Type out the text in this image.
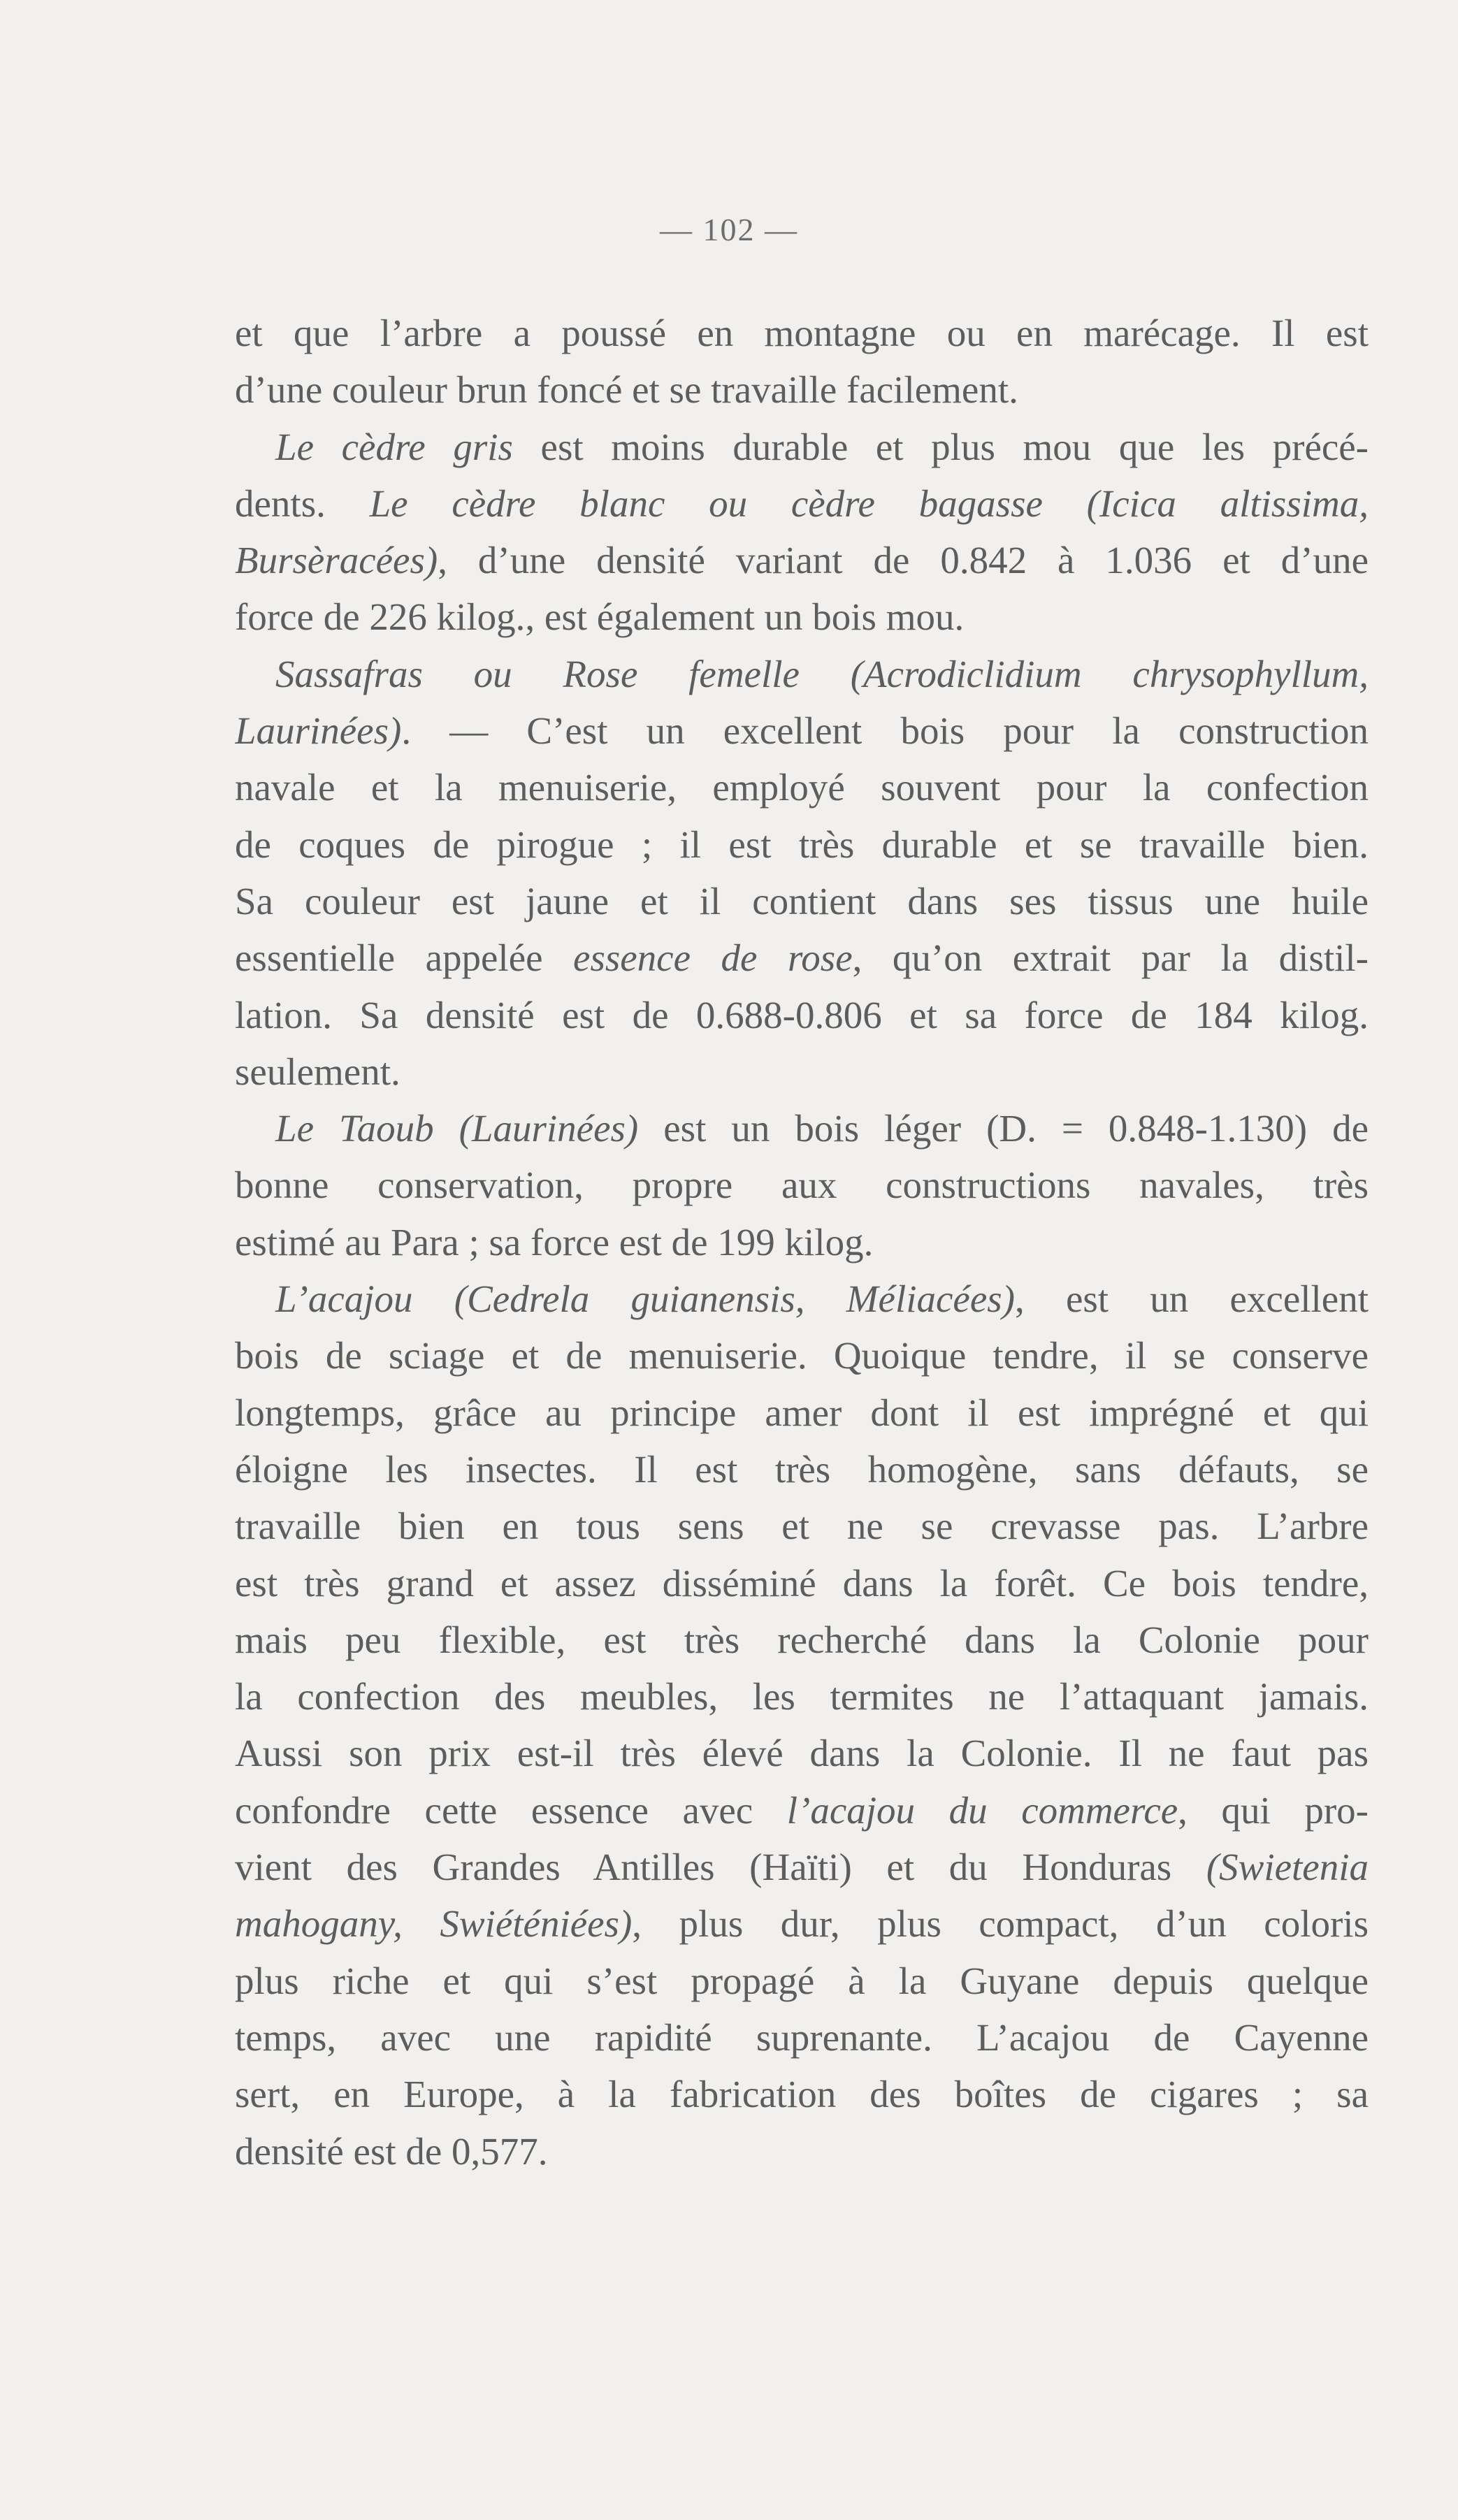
— 102 —
et que l’arbre a poussé en montagne ou en marécage. Il est
d’une couleur brun foncé et se travaille facilement.
Le cèdre gris est moins durable et plus mou que les précé-
dents. Le cèdre blanc ou cèdre bagasse (Icica altissima,
Bursèracées), d’une densité variant de 0.842 à 1.036 et d’une
force de 226 kilog., est également un bois mou.
Sassafras ou Rose femelle (Acrodiclidium chrysophyllum,
Laurinées). — C’est un excellent bois pour la construction
navale et la menuiserie, employé souvent pour la confection
de coques de pirogue ; il est très durable et se travaille bien.
Sa couleur est jaune et il contient dans ses tissus une huile
essentielle appelée essence de rose, qu’on extrait par la distil-
lation. Sa densité est de 0.688-0.806 et sa force de 184 kilog.
seulement.
Le Taoub (Laurinées) est un bois léger (D. = 0.848-1.130) de
bonne conservation, propre aux constructions navales, très
estimé au Para ; sa force est de 199 kilog.
L’acajou (Cedrela guianensis, Méliacées), est un excellent
bois de sciage et de menuiserie. Quoique tendre, il se conserve
longtemps, grâce au principe amer dont il est imprégné et qui
éloigne les insectes. Il est très homogène, sans défauts, se
travaille bien en tous sens et ne se crevasse pas. L’arbre
est très grand et assez disséminé dans la forêt. Ce bois tendre,
mais peu flexible, est très recherché dans la Colonie pour
la confection des meubles, les termites ne l’attaquant jamais.
Aussi son prix est-il très élevé dans la Colonie. Il ne faut pas
confondre cette essence avec l’acajou du commerce, qui pro-
vient des Grandes Antilles (Haïti) et du Honduras (Swietenia
mahogany, Swiéténiées), plus dur, plus compact, d’un coloris
plus riche et qui s’est propagé à la Guyane depuis quelque
temps, avec une rapidité suprenante. L’acajou de Cayenne
sert, en Europe, à la fabrication des boîtes de cigares ; sa
densité est de 0,577.
